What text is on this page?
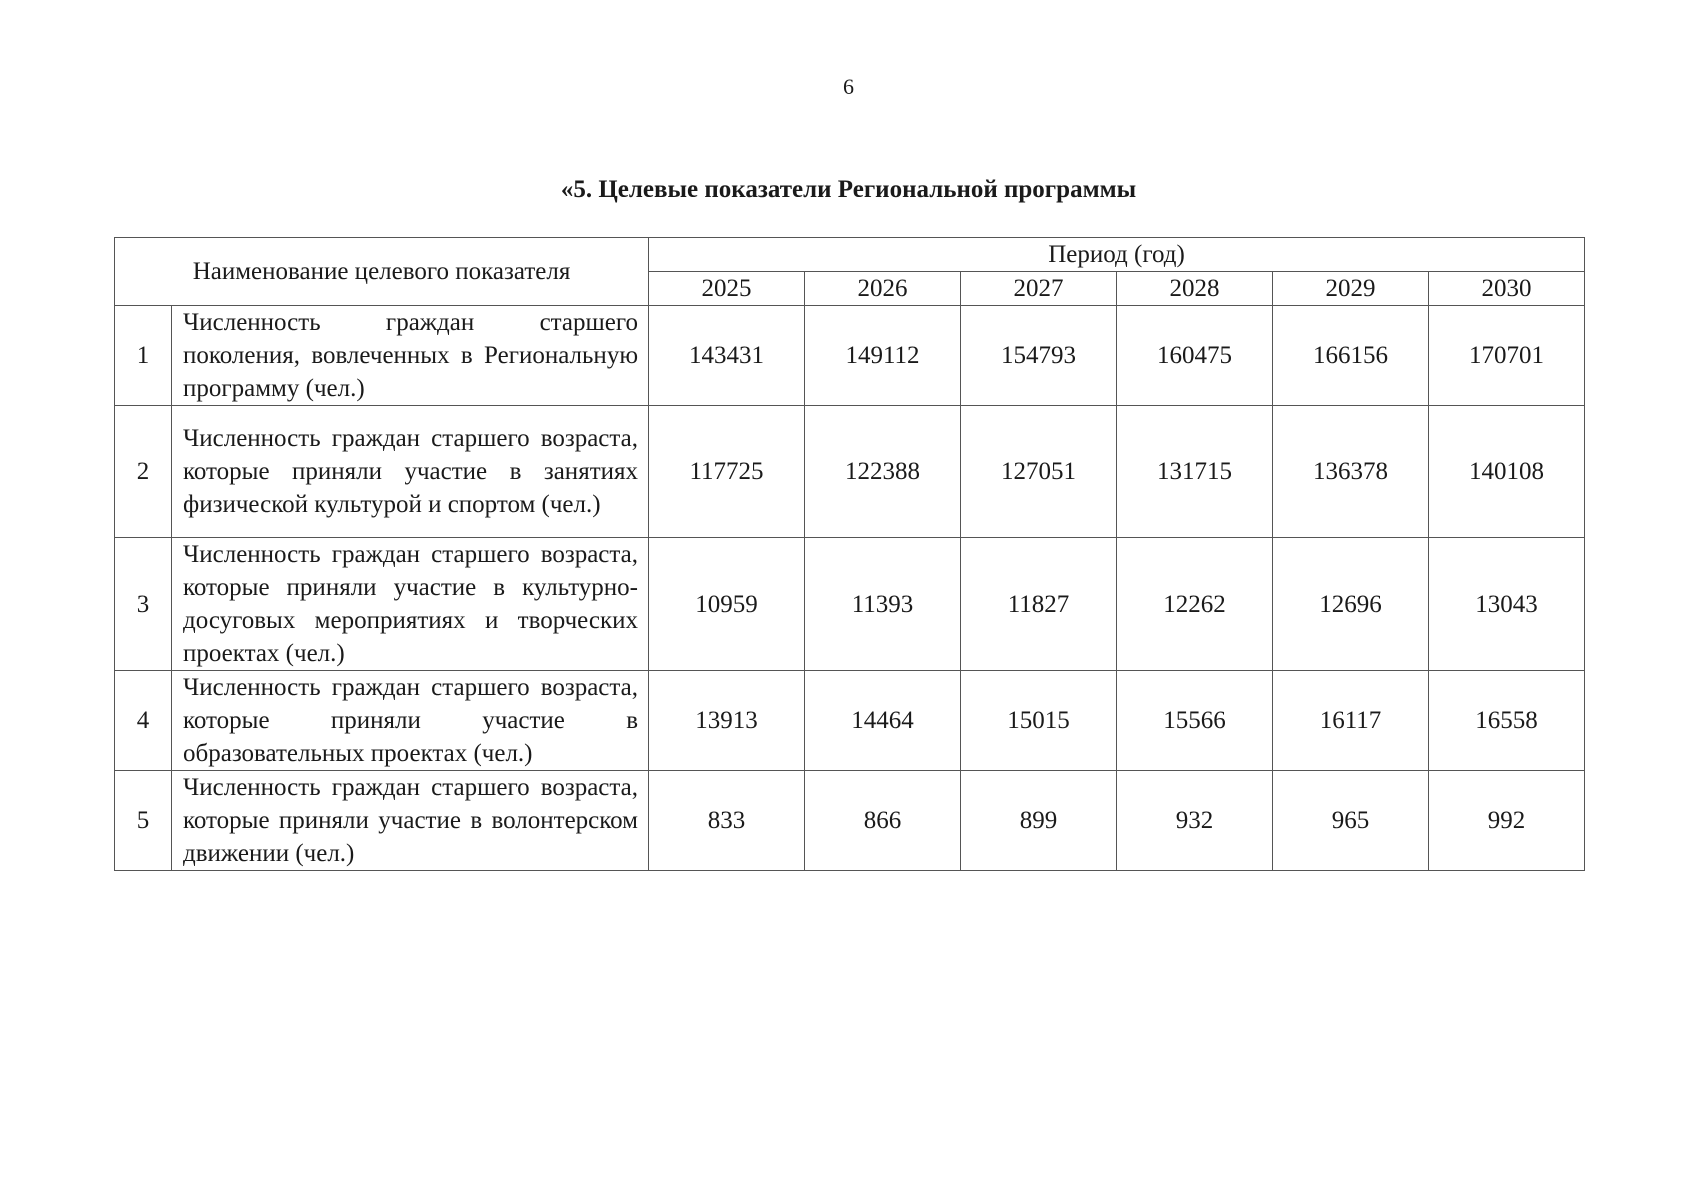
6
«5. Целевые показатели Региональной программы
Наименование целевого показателя		Период (год)					
		2025	2026	2027	2028	2029	2030
1	Численность граждан старшего поколения, вовлеченных в Региональную программу (чел.)	143431	149112	154793	160475	166156	170701
2	Численность граждан старшего возраста, которые приняли участие в занятиях физической культурой и спортом (чел.)	117725	122388	127051	131715	136378	140108
3	Численность граждан старшего возраста, которые приняли участие в культурно-досуговых мероприятиях и творческих проектах (чел.)	10959	11393	11827	12262	12696	13043
4	Численность граждан старшего возраста, которые приняли участие в образовательных проектах (чел.)	13913	14464	15015	15566	16117	16558
5	Численность граждан старшего возраста, которые приняли участие в волонтерском движении (чел.)	833	866	899	932	965	992
